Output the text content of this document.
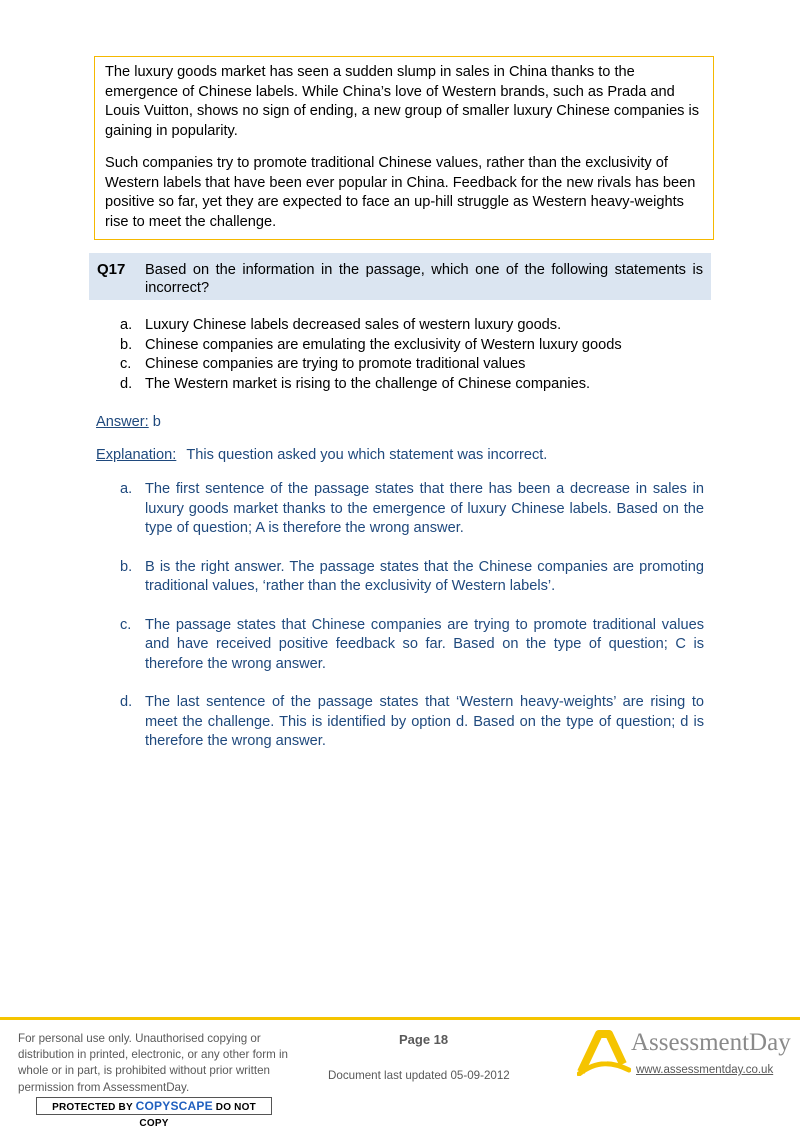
The luxury goods market has seen a sudden slump in sales in China thanks to the emergence of Chinese labels. While China’s love of Western brands, such as Prada and Louis Vuitton, shows no sign of ending, a new group of smaller luxury Chinese companies is gaining in popularity.

Such companies try to promote traditional Chinese values, rather than the exclusivity of Western labels that have been ever popular in China. Feedback for the new rivals has been positive so far, yet they are expected to face an up-hill struggle as Western heavy-weights rise to meet the challenge.

Q17 Based on the information in the passage, which one of the following statements is incorrect?
a. Luxury Chinese labels decreased sales of western luxury goods.
b. Chinese companies are emulating the exclusivity of Western luxury goods
c. Chinese companies are trying to promote traditional values
d. The Western market is rising to the challenge of Chinese companies.
Answer: b
Explanation: This question asked you which statement was incorrect.
a. The first sentence of the passage states that there has been a decrease in sales in luxury goods market thanks to the emergence of luxury Chinese labels. Based on the type of question; A is therefore the wrong answer.
b. B is the right answer. The passage states that the Chinese companies are promoting traditional values, ‘rather than the exclusivity of Western labels’.
c. The passage states that Chinese companies are trying to promote traditional values and have received positive feedback so far. Based on the type of question; C is therefore the wrong answer.
d. The last sentence of the passage states that ‘Western heavy-weights’ are rising to meet the challenge. This is identified by option d. Based on the type of question; d is therefore the wrong answer.
For personal use only. Unauthorised copying or distribution in printed, electronic, or any other form in whole or in part, is prohibited without prior written permission from AssessmentDay.
PROTECTED BY COPYSCAPE DO NOT COPY
Page 18
Document last updated 05-09-2012
AssessmentDay
www.assessmentday.co.uk
